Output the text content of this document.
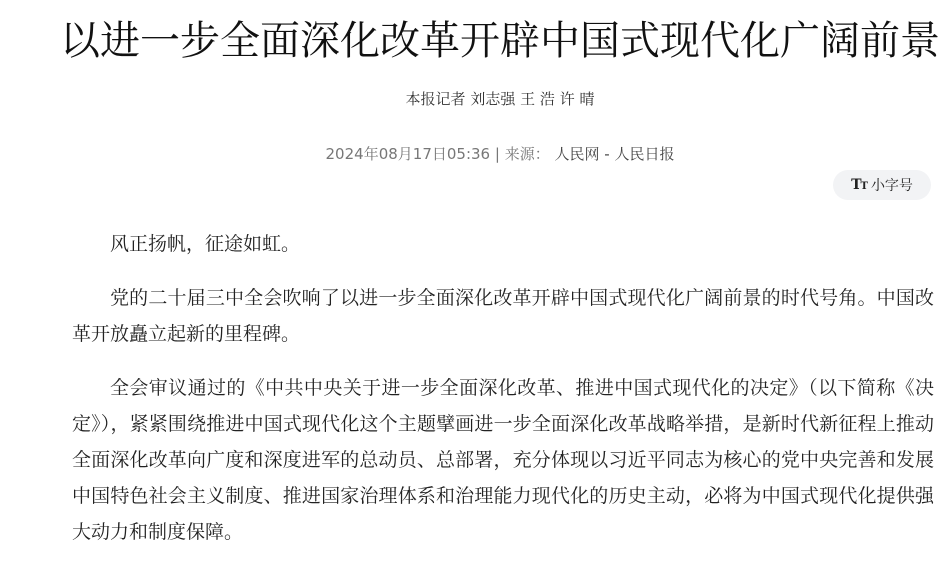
以进一步全面深化改革开辟中国式现代化广阔前景
本报记者 刘志强 王 浩 许 晴
2024年08月17日05:36 | 来源： 人民网 - 人民日报
TT 小字号

风正扬帆，征途如虹。

党的二十届三中全会吹响了以进一步全面深化改革开辟中国式现代化广阔前景的时代号角。中国改革开放矗立起新的里程碑。

全会审议通过的《中共中央关于进一步全面深化改革、推进中国式现代化的决定》（以下简称《决定》），紧紧围绕推进中国式现代化这个主题擘画进一步全面深化改革战略举措，是新时代新征程上推动全面深化改革向广度和深度进军的总动员、总部署，充分体现以习近平同志为核心的党中央完善和发展中国特色社会主义制度、推进国家治理体系和治理能力现代化的历史主动，必将为中国式现代化提供强大动力和制度保障。
